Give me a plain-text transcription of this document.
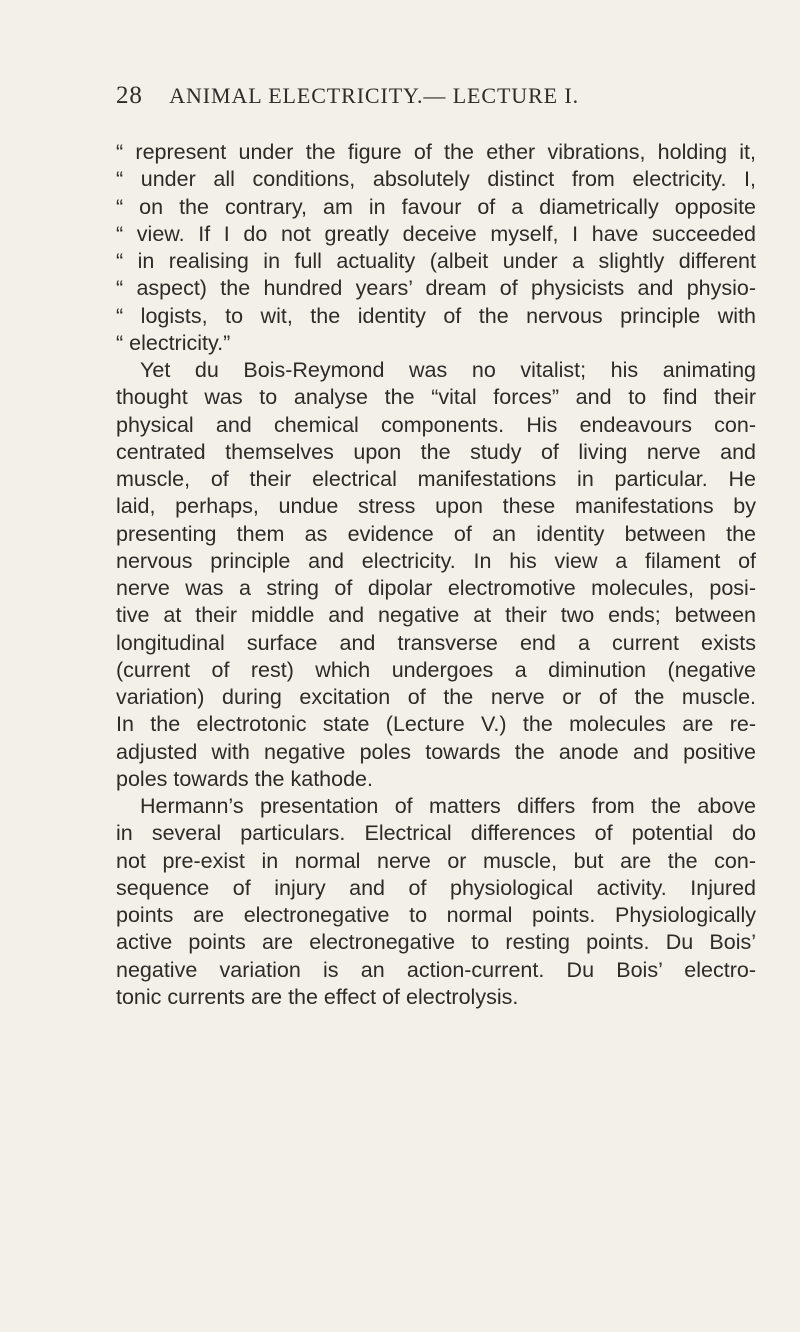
28 ANIMAL ELECTRICITY.— LECTURE I.
“ represent under the figure of the ether vibrations, holding it,
“ under all conditions, absolutely distinct from electricity. I,
“ on the contrary, am in favour of a diametrically opposite
“ view. If I do not greatly deceive myself, I have succeeded
“ in realising in full actuality (albeit under a slightly different
“ aspect) the hundred years’ dream of physicists and physio-
“ logists, to wit, the identity of the nervous principle with
“ electricity.”
Yet du Bois-Reymond was no vitalist; his animating
thought was to analyse the “vital forces” and to find their
physical and chemical components. His endeavours con-
centrated themselves upon the study of living nerve and
muscle, of their electrical manifestations in particular. He
laid, perhaps, undue stress upon these manifestations by
presenting them as evidence of an identity between the
nervous principle and electricity. In his view a filament of
nerve was a string of dipolar electromotive molecules, posi-
tive at their middle and negative at their two ends; between
longitudinal surface and transverse end a current exists
(current of rest) which undergoes a diminution (negative
variation) during excitation of the nerve or of the muscle.
In the electrotonic state (Lecture V.) the molecules are re-
adjusted with negative poles towards the anode and positive
poles towards the kathode.
Hermann’s presentation of matters differs from the above
in several particulars. Electrical differences of potential do
not pre-exist in normal nerve or muscle, but are the con-
sequence of injury and of physiological activity. Injured
points are electronegative to normal points. Physiologically
active points are electronegative to resting points. Du Bois’
negative variation is an action-current. Du Bois’ electro-
tonic currents are the effect of electrolysis.
